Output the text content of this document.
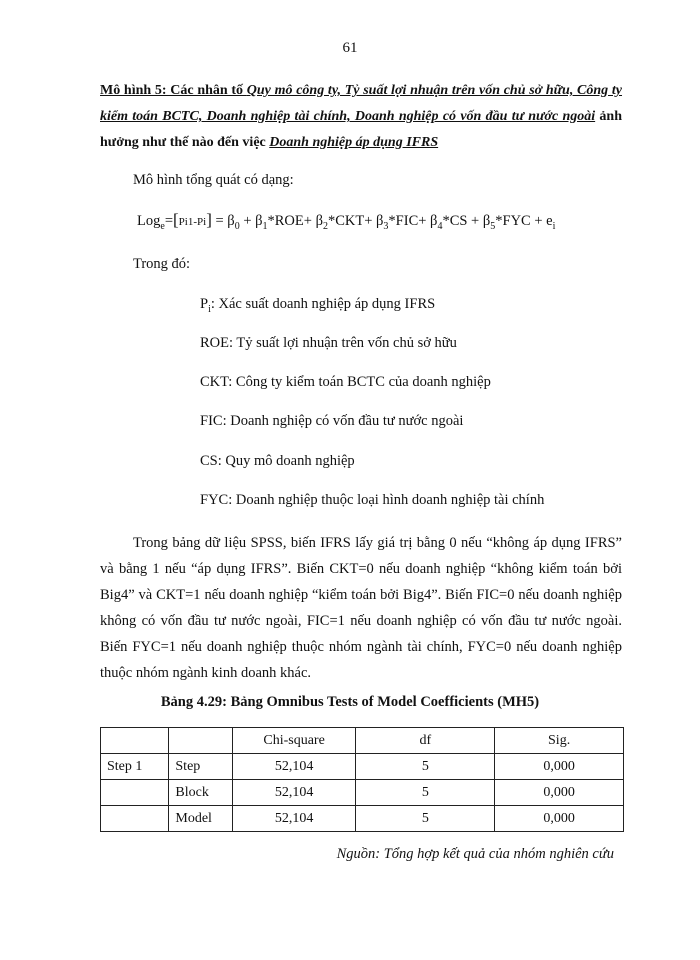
61
Mô hình 5: Các nhân tố Quy mô công ty, Tỷ suất lợi nhuận trên vốn chủ sở hữu, Công ty kiểm toán BCTC, Doanh nghiệp tài chính, Doanh nghiệp có vốn đầu tư nước ngoài ảnh hưởng như thế nào đến việc Doanh nghiệp áp dụng IFRS
Mô hình tổng quát có dạng:
$Log_e=[Pi1-Pi] = \beta_0 + \beta_1*ROE+ \beta_2*CKT+ \beta_3*FIC+ \beta_4*CS + \beta_5*FYC + e_i$
Trong đó:
$P_i$: Xác suất doanh nghiệp áp dụng IFRS
ROE: Tỷ suất lợi nhuận trên vốn chủ sở hữu
CKT: Công ty kiểm toán BCTC của doanh nghiệp
FIC: Doanh nghiệp có vốn đầu tư nước ngoài
CS: Quy mô doanh nghiệp
FYC: Doanh nghiệp thuộc loại hình doanh nghiệp tài chính
Trong bảng dữ liệu SPSS, biến IFRS lấy giá trị bằng 0 nếu “không áp dụng IFRS” và bằng 1 nếu “áp dụng IFRS”. Biến CKT=0 nếu doanh nghiệp “không kiểm toán bởi Big4” và CKT=1 nếu doanh nghiệp “kiểm toán bởi Big4”. Biến FIC=0 nếu doanh nghiệp không có vốn đầu tư nước ngoài, FIC=1 nếu doanh nghiệp có vốn đầu tư nước ngoài. Biến FYC=1 nếu doanh nghiệp thuộc nhóm ngành tài chính, FYC=0 nếu doanh nghiệp thuộc nhóm ngành kinh doanh khác.
Bảng 4.29: Bảng Omnibus Tests of Model Coefficients (MH5)
		Chi-square	df	Sig.
Step 1	Step	52,104	5	0,000
	Block	52,104	5	0,000
	Model	52,104	5	0,000
Nguồn: Tổng hợp kết quả của nhóm nghiên cứu
